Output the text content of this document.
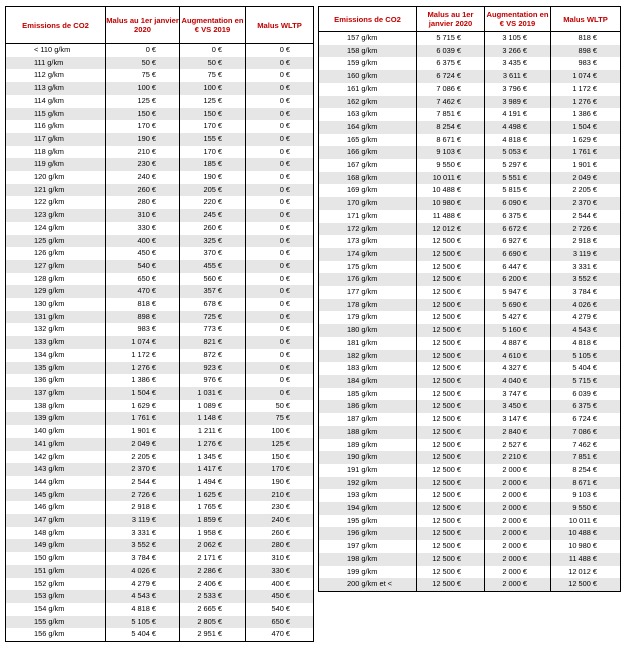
Emissions de CO2	Malus au 1er janvier 2020	Augmentation en € VS 2019	Malus WLTP
< 110 g/km	0 €	0 €	0 €
111 g/km	50 €	50 €	0 €
112 g/km	75 €	75 €	0 €
113 g/km	100 €	100 €	0 €
114 g/km	125 €	125 €	0 €
115 g/km	150 €	150 €	0 €
116 g/km	170 €	170 €	0 €
117 g/km	190 €	155 €	0 €
118 g/km	210 €	170 €	0 €
119 g/km	230 €	185 €	0 €
120 g/km	240 €	190 €	0 €
121 g/km	260 €	205 €	0 €
122 g/km	280 €	220 €	0 €
123 g/km	310 €	245 €	0 €
124 g/km	330 €	260 €	0 €
125 g/km	400 €	325 €	0 €
126 g/km	450 €	370 €	0 €
127 g/km	540 €	455 €	0 €
128 g/km	650 €	560 €	0 €
129 g/km	470 €	357 €	0 €
130 g/km	818 €	678 €	0 €
131 g/km	898 €	725 €	0 €
132 g/km	983 €	773 €	0 €
133 g/km	1 074 €	821 €	0 €
134 g/km	1 172 €	872 €	0 €
135 g/km	1 276 €	923 €	0 €
136 g/km	1 386 €	976 €	0 €
137 g/km	1 504 €	1 031 €	0 €
138 g/km	1 629 €	1 089 €	50 €
139 g/km	1 761 €	1 148 €	75 €
140 g/km	1 901 €	1 211 €	100 €
141 g/km	2 049 €	1 276 €	125 €
142 g/km	2 205 €	1 345 €	150 €
143 g/km	2 370 €	1 417 €	170 €
144 g/km	2 544 €	1 494 €	190 €
145 g/km	2 726 €	1 625 €	210 €
146 g/km	2 918 €	1 765 €	230 €
147 g/km	3 119 €	1 859 €	240 €
148 g/km	3 331 €	1 958 €	260 €
149 g/km	3 552 €	2 062 €	280 €
150 g/km	3 784 €	2 171 €	310 €
151 g/km	4 026 €	2 286 €	330 €
152 g/km	4 279 €	2 406 €	400 €
153 g/km	4 543 €	2 533 €	450 €
154 g/km	4 818 €	2 665 €	540 €
155 g/km	5 105 €	2 805 €	650 €
156 g/km	5 404 €	2 951 €	470 €
Emissions de CO2	Malus au 1er janvier 2020	Augmentation en € VS 2019	Malus WLTP
157 g/km	5 715 €	3 105 €	818 €
158 g/km	6 039 €	3 266 €	898 €
159 g/km	6 375 €	3 435 €	983 €
160 g/km	6 724 €	3 611 €	1 074 €
161 g/km	7 086 €	3 796 €	1 172 €
162 g/km	7 462 €	3 989 €	1 276 €
163 g/km	7 851 €	4 191 €	1 386 €
164 g/km	8 254 €	4 498 €	1 504 €
165 g/km	8 671 €	4 818 €	1 629 €
166 g/km	9 103 €	5 053 €	1 761 €
167 g/km	9 550 €	5 297 €	1 901 €
168 g/km	10 011 €	5 551 €	2 049 €
169 g/km	10 488 €	5 815 €	2 205 €
170 g/km	10 980 €	6 090 €	2 370 €
171 g/km	11 488 €	6 375 €	2 544 €
172 g/km	12 012 €	6 672 €	2 726 €
173 g/km	12 500 €	6 927 €	2 918 €
174 g/km	12 500 €	6 690 €	3 119 €
175 g/km	12 500 €	6 447 €	3 331 €
176 g/km	12 500 €	6 200 €	3 552 €
177 g/km	12 500 €	5 947 €	3 784 €
178 g/km	12 500 €	5 690 €	4 026 €
179 g/km	12 500 €	5 427 €	4 279 €
180 g/km	12 500 €	5 160 €	4 543 €
181 g/km	12 500 €	4 887 €	4 818 €
182 g/km	12 500 €	4 610 €	5 105 €
183 g/km	12 500 €	4 327 €	5 404 €
184 g/km	12 500 €	4 040 €	5 715 €
185 g/km	12 500 €	3 747 €	6 039 €
186 g/km	12 500 €	3 450 €	6 375 €
187 g/km	12 500 €	3 147 €	6 724 €
188 g/km	12 500 €	2 840 €	7 086 €
189 g/km	12 500 €	2 527 €	7 462 €
190 g/km	12 500 €	2 210 €	7 851 €
191 g/km	12 500 €	2 000 €	8 254 €
192 g/km	12 500 €	2 000 €	8 671 €
193 g/km	12 500 €	2 000 €	9 103 €
194 g/km	12 500 €	2 000 €	9 550 €
195 g/km	12 500 €	2 000 €	10 011 €
196 g/km	12 500 €	2 000 €	10 488 €
197 g/km	12 500 €	2 000 €	10 980 €
198 g/km	12 500 €	2 000 €	11 488 €
199 g/km	12 500 €	2 000 €	12 012 €
200 g/km et <	12 500 €	2 000 €	12 500 €
